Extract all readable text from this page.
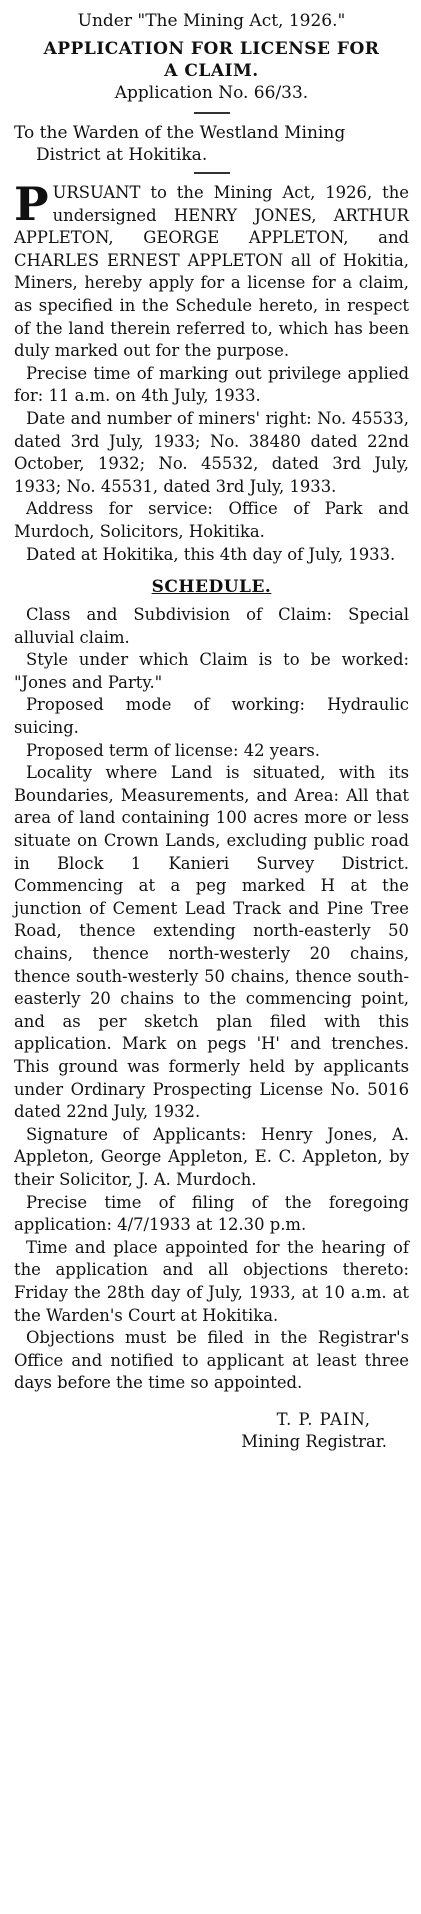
Under "The Mining Act, 1926."
APPLICATION FOR LICENSE FOR
A CLAIM.
Application No. 66/33.
To the Warden of the Westland Mining District at Hokitika.

PURSUANT to the Mining Act, 1926, the undersigned HENRY JONES, ARTHUR APPLETON, GEORGE APPLETON, and CHARLES ERNEST APPLETON all of Hokitia, Miners, hereby apply for a license for a claim, as specified in the Schedule hereto, in respect of the land therein referred to, which has been duly marked out for the purpose.

Precise time of marking out privilege applied for: 11 a.m. on 4th July, 1933.

Date and number of miners' right: No. 45533, dated 3rd July, 1933; No. 38480 dated 22nd October, 1932; No. 45532, dated 3rd July, 1933; No. 45531, dated 3rd July, 1933.

Address for service: Office of Park and Murdoch, Solicitors, Hokitika.

Dated at Hokitika, this 4th day of July, 1933.

SCHEDULE.

Class and Subdivision of Claim: Special alluvial claim.

Style under which Claim is to be worked: "Jones and Party."

Proposed mode of working: Hydraulic suicing.

Proposed term of license: 42 years.

Locality where Land is situated, with its Boundaries, Measurements, and Area: All that area of land containing 100 acres more or less situate on Crown Lands, excluding public road in Block 1 Kanieri Survey District. Commencing at a peg marked H at the junction of Cement Lead Track and Pine Tree Road, thence extending north-easterly 50 chains, thence north-westerly 20 chains, thence south-westerly 50 chains, thence south-easterly 20 chains to the commencing point, and as per sketch plan filed with this application. Mark on pegs 'H' and trenches. This ground was formerly held by applicants under Ordinary Prospecting License No. 5016 dated 22nd July, 1932.

Signature of Applicants: Henry Jones, A. Appleton, George Appleton, E. C. Appleton, by their Solicitor, J. A. Murdoch.

Precise time of filing of the foregoing application: 4/7/1933 at 12.30 p.m.

Time and place appointed for the hearing of the application and all objections thereto: Friday the 28th day of July, 1933, at 10 a.m. at the Warden's Court at Hokitika.

Objections must be filed in the Registrar's Office and notified to applicant at least three days before the time so appointed.

T. P. PAIN,
Mining Registrar.
